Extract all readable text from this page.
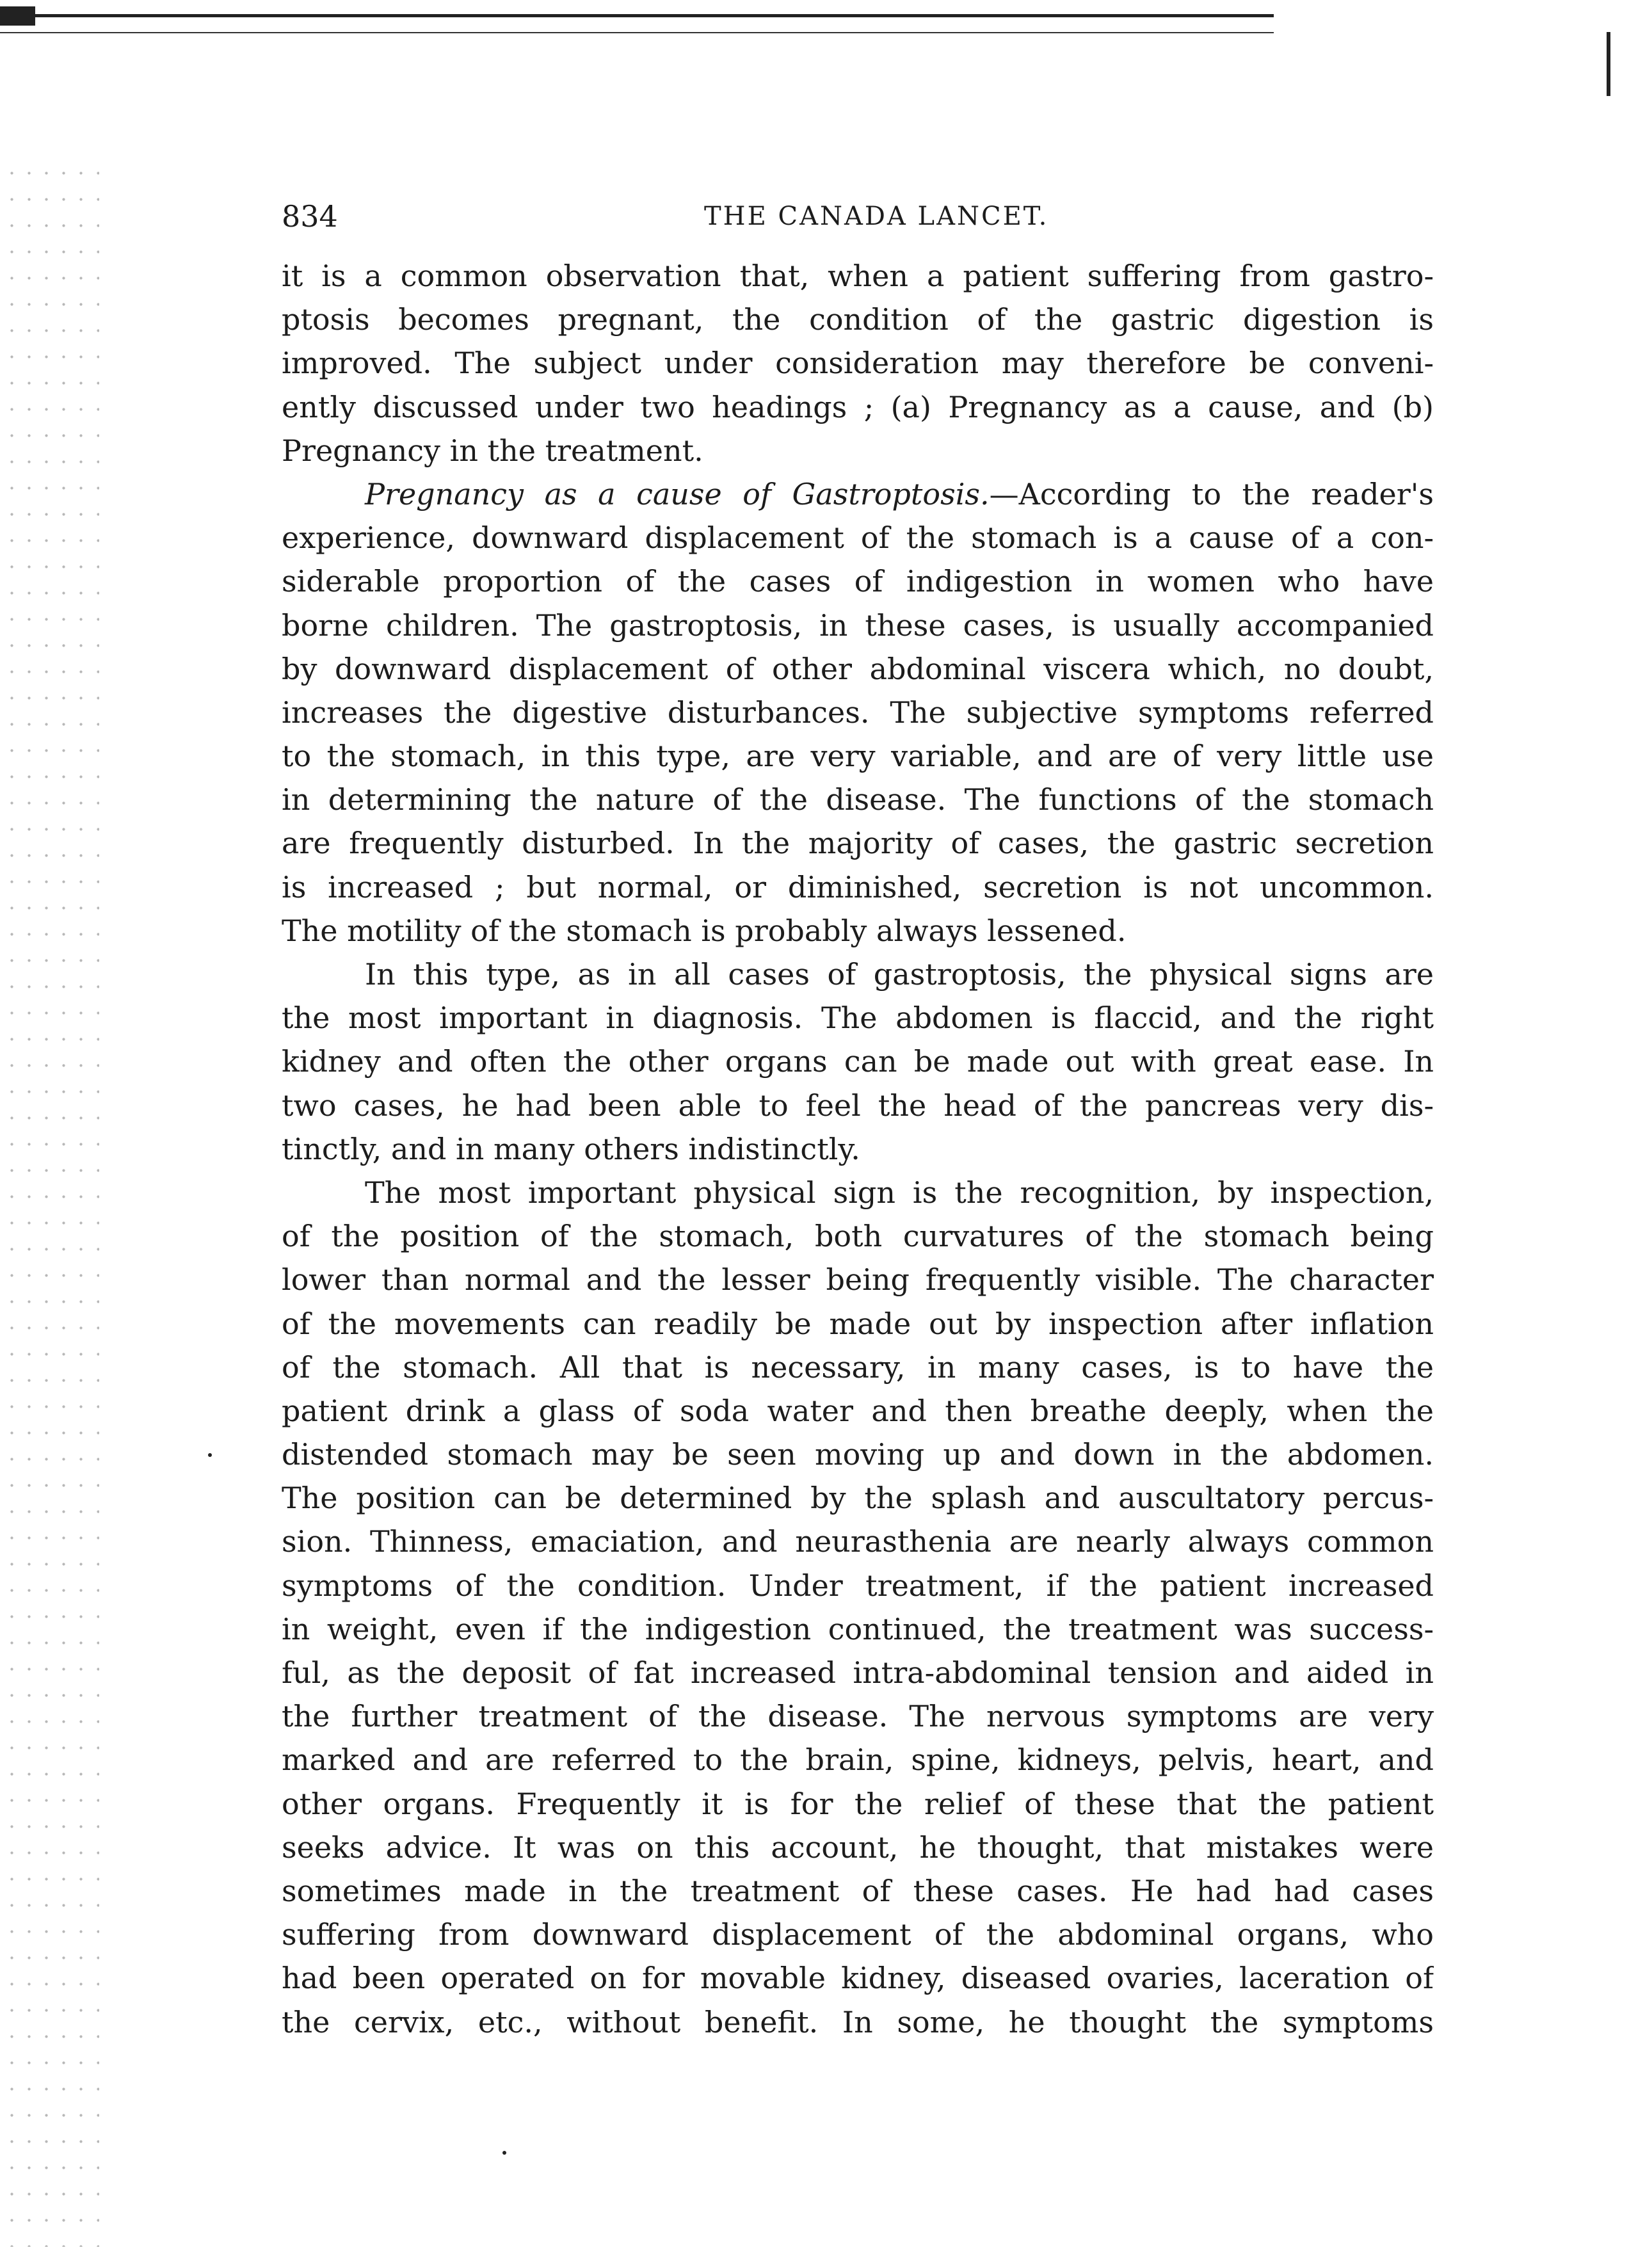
834	THE CANADA LANCET.
it is a common observation that, when a patient suffering from gastro-
ptosis becomes pregnant, the condition of the gastric digestion is
improved. The subject under consideration may therefore be conveni-
ently discussed under two headings ; (a) Pregnancy as a cause, and (b)
Pregnancy in the treatment.
Pregnancy as a cause of Gastroptosis.—According to the reader's
experience, downward displacement of the stomach is a cause of a con-
siderable proportion of the cases of indigestion in women who have
borne children. The gastroptosis, in these cases, is usually accompanied
by downward displacement of other abdominal viscera which, no doubt,
increases the digestive disturbances. The subjective symptoms referred
to the stomach, in this type, are very variable, and are of very little use
in determining the nature of the disease. The functions of the stomach
are frequently disturbed. In the majority of cases, the gastric secretion
is increased ; but normal, or diminished, secretion is not uncommon.
The motility of the stomach is probably always lessened.
In this type, as in all cases of gastroptosis, the physical signs are
the most important in diagnosis. The abdomen is flaccid, and the right
kidney and often the other organs can be made out with great ease. In
two cases, he had been able to feel the head of the pancreas very dis-
tinctly, and in many others indistinctly.
The most important physical sign is the recognition, by inspection,
of the position of the stomach, both curvatures of the stomach being
lower than normal and the lesser being frequently visible. The character
of the movements can readily be made out by inspection after inflation
of the stomach. All that is necessary, in many cases, is to have the
patient drink a glass of soda water and then breathe deeply, when the
distended stomach may be seen moving up and down in the abdomen.
The position can be determined by the splash and auscultatory percus-
sion. Thinness, emaciation, and neurasthenia are nearly always common
symptoms of the condition. Under treatment, if the patient increased
in weight, even if the indigestion continued, the treatment was success-
ful, as the deposit of fat increased intra-abdominal tension and aided in
the further treatment of the disease. The nervous symptoms are very
marked and are referred to the brain, spine, kidneys, pelvis, heart, and
other organs. Frequently it is for the relief of these that the patient
seeks advice. It was on this account, he thought, that mistakes were
sometimes made in the treatment of these cases. He had had cases
suffering from downward displacement of the abdominal organs, who
had been operated on for movable kidney, diseased ovaries, laceration of
the cervix, etc., without benefit. In some, he thought the symptoms
